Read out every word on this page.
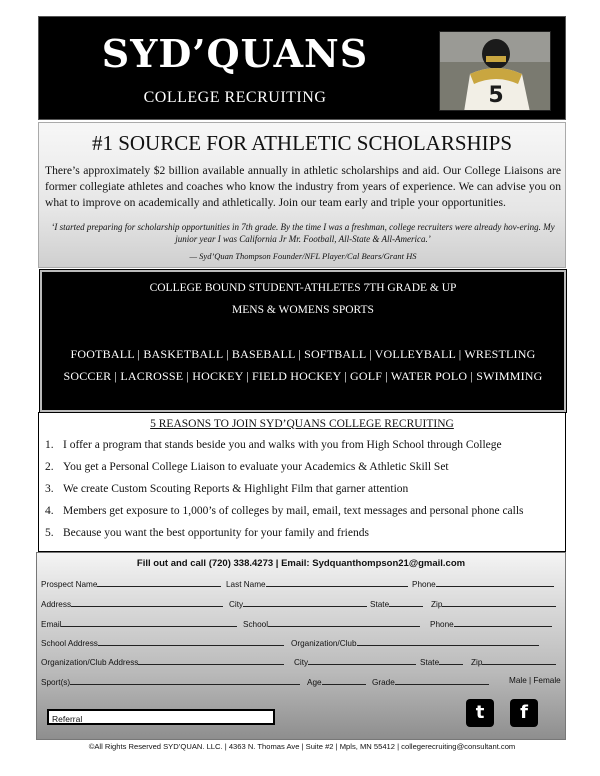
SYD’QUANS
COLLEGE RECRUITING	5
#1 SOURCE FOR ATHLETIC SCHOLARSHIPS
There’s approximately $2 billion available annually in athletic scholarships and aid. Our College Liaisons are former collegiate athletes and coaches who know the industry from years of experience. We can advise you on what to improve on academically and athletically. Join our team early and triple your opportunities.
‘I started preparing for scholarship opportunities in 7th grade. By the time I was a freshman, college recruiters were already hov-ering. My junior year I was California Jr Mr. Football, All-State & All-America.’
— Syd’Quan Thompson Founder/NFL Player/Cal Bears/Grant HS
COLLEGE BOUND STUDENT-ATHLETES 7TH GRADE & UP
MENS & WOMENS SPORTS
FOOTBALL | BASKETBALL | BASEBALL | SOFTBALL | VOLLEYBALL | WRESTLING
SOCCER | LACROSSE | HOCKEY | FIELD HOCKEY | GOLF | WATER POLO | SWIMMING
5 REASONS TO JOIN SYD’QUANS COLLEGE RECRUITING
1. I offer a program that stands beside you and walks with you from High School through College
2. You get a Personal College Liaison to evaluate your Academics & Athletic Skill Set
3. We create Custom Scouting Reports & Highlight Film that garner attention
4. Members get exposure to 1,000’s of colleges by mail, email, text messages and personal phone calls
5. Because you want the best opportunity for your family and friends
Fill out and call (720) 338.4273 | Email: Sydquanthompson21@gmail.com
Prospect Name	Last Name	Phone
Address	City	State	Zip
Email	School	Phone
School Address	Organization/Club
Organization/Club Address	City	State	Zip
Sport(s)	Age	Grade	Male | Female
Referral	t	f
©All Rights Reserved SYD’QUAN. LLC. | 4363 N. Thomas Ave | Suite #2 | Mpls, MN 55412 | collegerecruiting@consultant.com
